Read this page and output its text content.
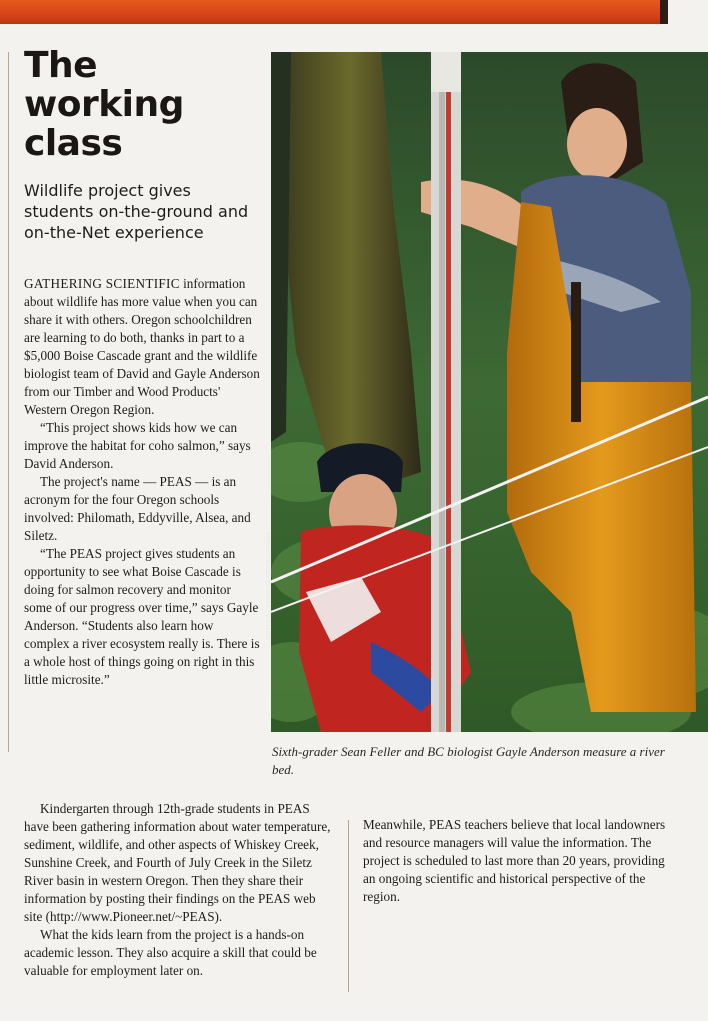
The working class

Wildlife project gives students on-the-ground and on-the-Net experience

GATHERING SCIENTIFIC information about wildlife has more value when you can share it with others. Oregon schoolchildren are learning to do both, thanks in part to a $5,000 Boise Cascade grant and the wildlife biologist team of David and Gayle Anderson from our Timber and Wood Products' Western Oregon Region.

“This project shows kids how we can improve the habitat for coho salmon,” says David Anderson.

The project's name — PEAS — is an acronym for the four Oregon schools involved: Philomath, Eddyville, Alsea, and Siletz.

“The PEAS project gives students an opportunity to see what Boise Cascade is doing for salmon recovery and monitor some of our progress over time,” says Gayle Anderson. “Students also learn how complex a river ecosystem really is. There is a whole host of things going on right in this little microsite.”

Kindergarten through 12th-grade students in PEAS have been gathering information about water temperature, sediment, wildlife, and other aspects of Whiskey Creek, Sunshine Creek, and Fourth of July Creek in the Siletz River basin in western Oregon. Then they share their information by posting their findings on the PEAS web site (http://www.Pioneer.net/~PEAS).

What the kids learn from the project is a hands-on academic lesson. They also acquire a skill that could be valuable for employment later on.

Meanwhile, PEAS teachers believe that local landowners and resource managers will value the information. The project is scheduled to last more than 20 years, providing an ongoing scientific and historical perspective of the region.

PHOTO BY PAVAS COMMUNICATIONS

Sixth-grader Sean Feller and BC biologist Gayle Anderson measure a river bed.
